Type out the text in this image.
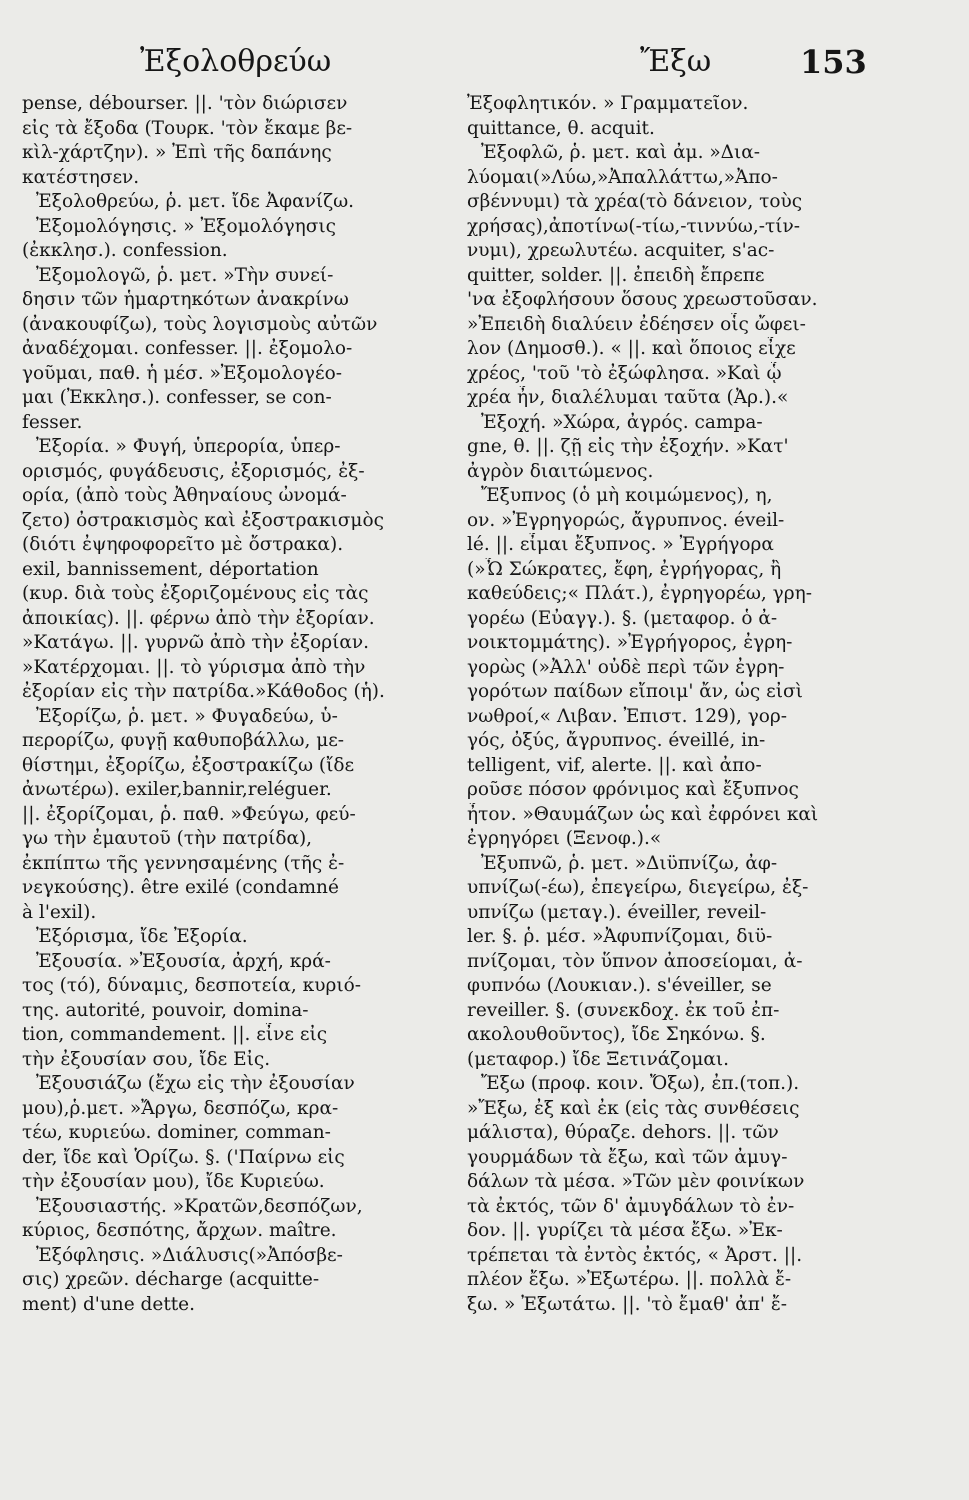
Ἐξολοθρεύω	Ἔξω	153
pense, débourser. ||. 'τὸν διώρισεν
εἰς τὰ ἔξοδα (Τουρκ. 'τὸν ἔκαμε βε-
κὶλ-χάρτζην). » Ἐπὶ τῆς δαπάνης
κατέστησεν.
Ἐξολοθρεύω, ῥ. μετ. ἴδε Ἀφανίζω.
Ἐξομολόγησις. » Ἐξομολόγησις
(ἐκκλησ.). confession.
Ἐξομολογῶ, ῥ. μετ. »Τὴν συνεί-
δησιν τῶν ἡμαρτηκότων ἀνακρίνω
(ἀνακουφίζω), τοὺς λογισμοὺς αὐτῶν
ἀναδέχομαι. confesser. ||. ἐξομολο-
γοῦμαι, παθ. ἡ μέσ. »Ἐξομολογέο-
μαι (Ἐκκλησ.). confesser, se con-
fesser.
Ἐξορία. » Φυγή, ὑπερορία, ὑπερ-
ορισμός, φυγάδευσις, ἐξορισμός, ἐξ-
ορία, (ἀπὸ τοὺς Ἀθηναίους ὠνομά-
ζετο) ὀστρακισμὸς καὶ ἐξοστρακισμὸς
(διότι ἐψηφοφορεῖτο μὲ ὄστρακα).
exil, bannissement, déportation
(κυρ. διὰ τοὺς ἐξοριζομένους εἰς τὰς
ἀποικίας). ||. φέρνω ἀπὸ τὴν ἐξορίαν.
»Κατάγω. ||. γυρνῶ ἀπὸ τὴν ἐξορίαν.
»Κατέρχομαι. ||. τὸ γύρισμα ἀπὸ τὴν
ἐξορίαν εἰς τὴν πατρίδα.»Κάθοδος (ἡ).
Ἐξορίζω, ῥ. μετ. » Φυγαδεύω, ὑ-
περορίζω, φυγῇ καθυποβάλλω, με-
θίστημι, ἐξορίζω, ἐξοστρακίζω (ἴδε
ἀνωτέρω). exiler,bannir,reléguer.
||. ἐξορίζομαι, ῥ. παθ. »Φεύγω, φεύ-
γω τὴν ἐμαυτοῦ (τὴν πατρίδα),
ἐκπίπτω τῆς γεννησαμένης (τῆς ἐ-
νεγκούσης). être exilé (condamné
à l'exil).
Ἐξόρισμα, ἴδε Ἐξορία.
Ἐξουσία. »Ἐξουσία, ἀρχή, κρά-
τος (τό), δύναμις, δεσποτεία, κυριό-
της. autorité, pouvoir, domina-
tion, commandement. ||. εἶνε εἰς
τὴν ἐξουσίαν σου, ἴδε Εἰς.
Ἐξουσιάζω (ἔχω εἰς τὴν ἐξουσίαν
μου),ῥ.μετ. »Ἄργω, δεσπόζω, κρα-
τέω, κυριεύω. dominer, comman-
der, ἴδε καὶ Ὁρίζω. §. ('Παίρνω εἰς
τὴν ἐξουσίαν μου), ἴδε Κυριεύω.
Ἐξουσιαστής. »Κρατῶν,δεσπόζων,
κύριος, δεσπότης, ἄρχων. maître.
Ἐξόφλησις. »Διάλυσις(»Ἀπόσβε-
σις) χρεῶν. décharge (acquitte-
ment) d'une dette.
Ἐξοφλητικόν. » Γραμματεῖον.
quittance, θ. acquit.
Ἐξοφλῶ, ῥ. μετ. καὶ ἀμ. »Δια-
λύομαι(»Λύω,»Ἀπαλλάττω,»Ἀπο-
σβέννυμι) τὰ χρέα(τὸ δάνειον, τοὺς
χρήσας),ἀποτίνω(-τίω,-τιννύω,-τίν-
νυμι), χρεωλυτέω. acquiter, s'ac-
quitter, solder. ||. ἐπειδὴ ἔπρεπε
'να ἐξοφλήσουν ὅσους χρεωστοῦσαν.
»Ἐπειδὴ διαλύειν ἐδέησεν οἷς ὤφει-
λον (Δημοσθ.). « ||. καὶ ὅποιος εἶχε
χρέος, 'τοῦ 'τὸ ἐξώφλησα. »Καὶ ᾧ
χρέα ἦν, διαλέλυμαι ταῦτα (Ἀρ.).«
Ἐξοχή. »Χώρα, ἀγρός. campa-
gne, θ. ||. ζῇ εἰς τὴν ἐξοχήν. »Κατ'
ἀγρὸν διαιτώμενος.
Ἔξυπνος (ὁ μὴ κοιμώμενος), η,
ον. »Ἐγρηγορώς, ἄγρυπνος. éveil-
lé. ||. εἶμαι ἔξυπνος. » Ἐγρήγορα
(»Ὦ Σώκρατες, ἔφη, ἐγρήγορας, ἢ
καθεύδεις;« Πλάτ.), ἐγρηγορέω, γρη-
γορέω (Εὐαγγ.). §. (μεταφορ. ὁ ἀ-
νοικτομμάτης). »Ἐγρήγορος, ἐγρη-
γορὼς (»Ἀλλ' οὐδὲ περὶ τῶν ἐγρη-
γορότων παίδων εἴποιμ' ἄν, ὡς εἰσὶ
νωθροί,« Λιβαν. Ἐπιστ. 129), γορ-
γός, ὀξύς, ἄγρυπνος. éveillé, in-
telligent, vif, alerte. ||. καὶ ἀπο-
ροῦσε πόσον φρόνιμος καὶ ἔξυπνος
ἦτον. »Θαυμάζων ὡς καὶ ἐφρόνει καὶ
ἐγρηγόρει (Ξενοφ.).«
Ἐξυπνῶ, ῥ. μετ. »Διϋπνίζω, ἀφ-
υπνίζω(-έω), ἐπεγείρω, διεγείρω, ἐξ-
υπνίζω (μεταγ.). éveiller, reveil-
ler. §. ῥ. μέσ. »Ἀφυπνίζομαι, διϋ-
πνίζομαι, τὸν ὕπνον ἀποσείομαι, ἀ-
φυπνόω (Λουκιαν.). s'éveiller, se
reveiller. §. (συνεκδοχ. ἐκ τοῦ ἐπ-
ακολουθοῦντος), ἴδε Σηκόνω. §.
(μεταφορ.) ἴδε Ξετινάζομαι.
Ἔξω (προφ. κοιν. Ὄξω), ἐπ.(τοπ.).
»Ἔξω, ἐξ καὶ ἐκ (εἰς τὰς συνθέσεις
μάλιστα), θύραζε. dehors. ||. τῶν
γουρμάδων τὰ ἔξω, καὶ τῶν ἀμυγ-
δάλων τὰ μέσα. »Τῶν μὲν φοινίκων
τὰ ἐκτός, τῶν δ' ἀμυγδάλων τὸ ἐν-
δον. ||. γυρίζει τὰ μέσα ἔξω. »Ἐκ-
τρέπεται τὰ ἐντὸς ἐκτός, « Ἀρστ. ||.
πλέον ἔξω. »Ἐξωτέρω. ||. πολλὰ ἔ-
ξω. » Ἐξωτάτω. ||. 'τὸ ἔμαθ' ἀπ' ἔ-
